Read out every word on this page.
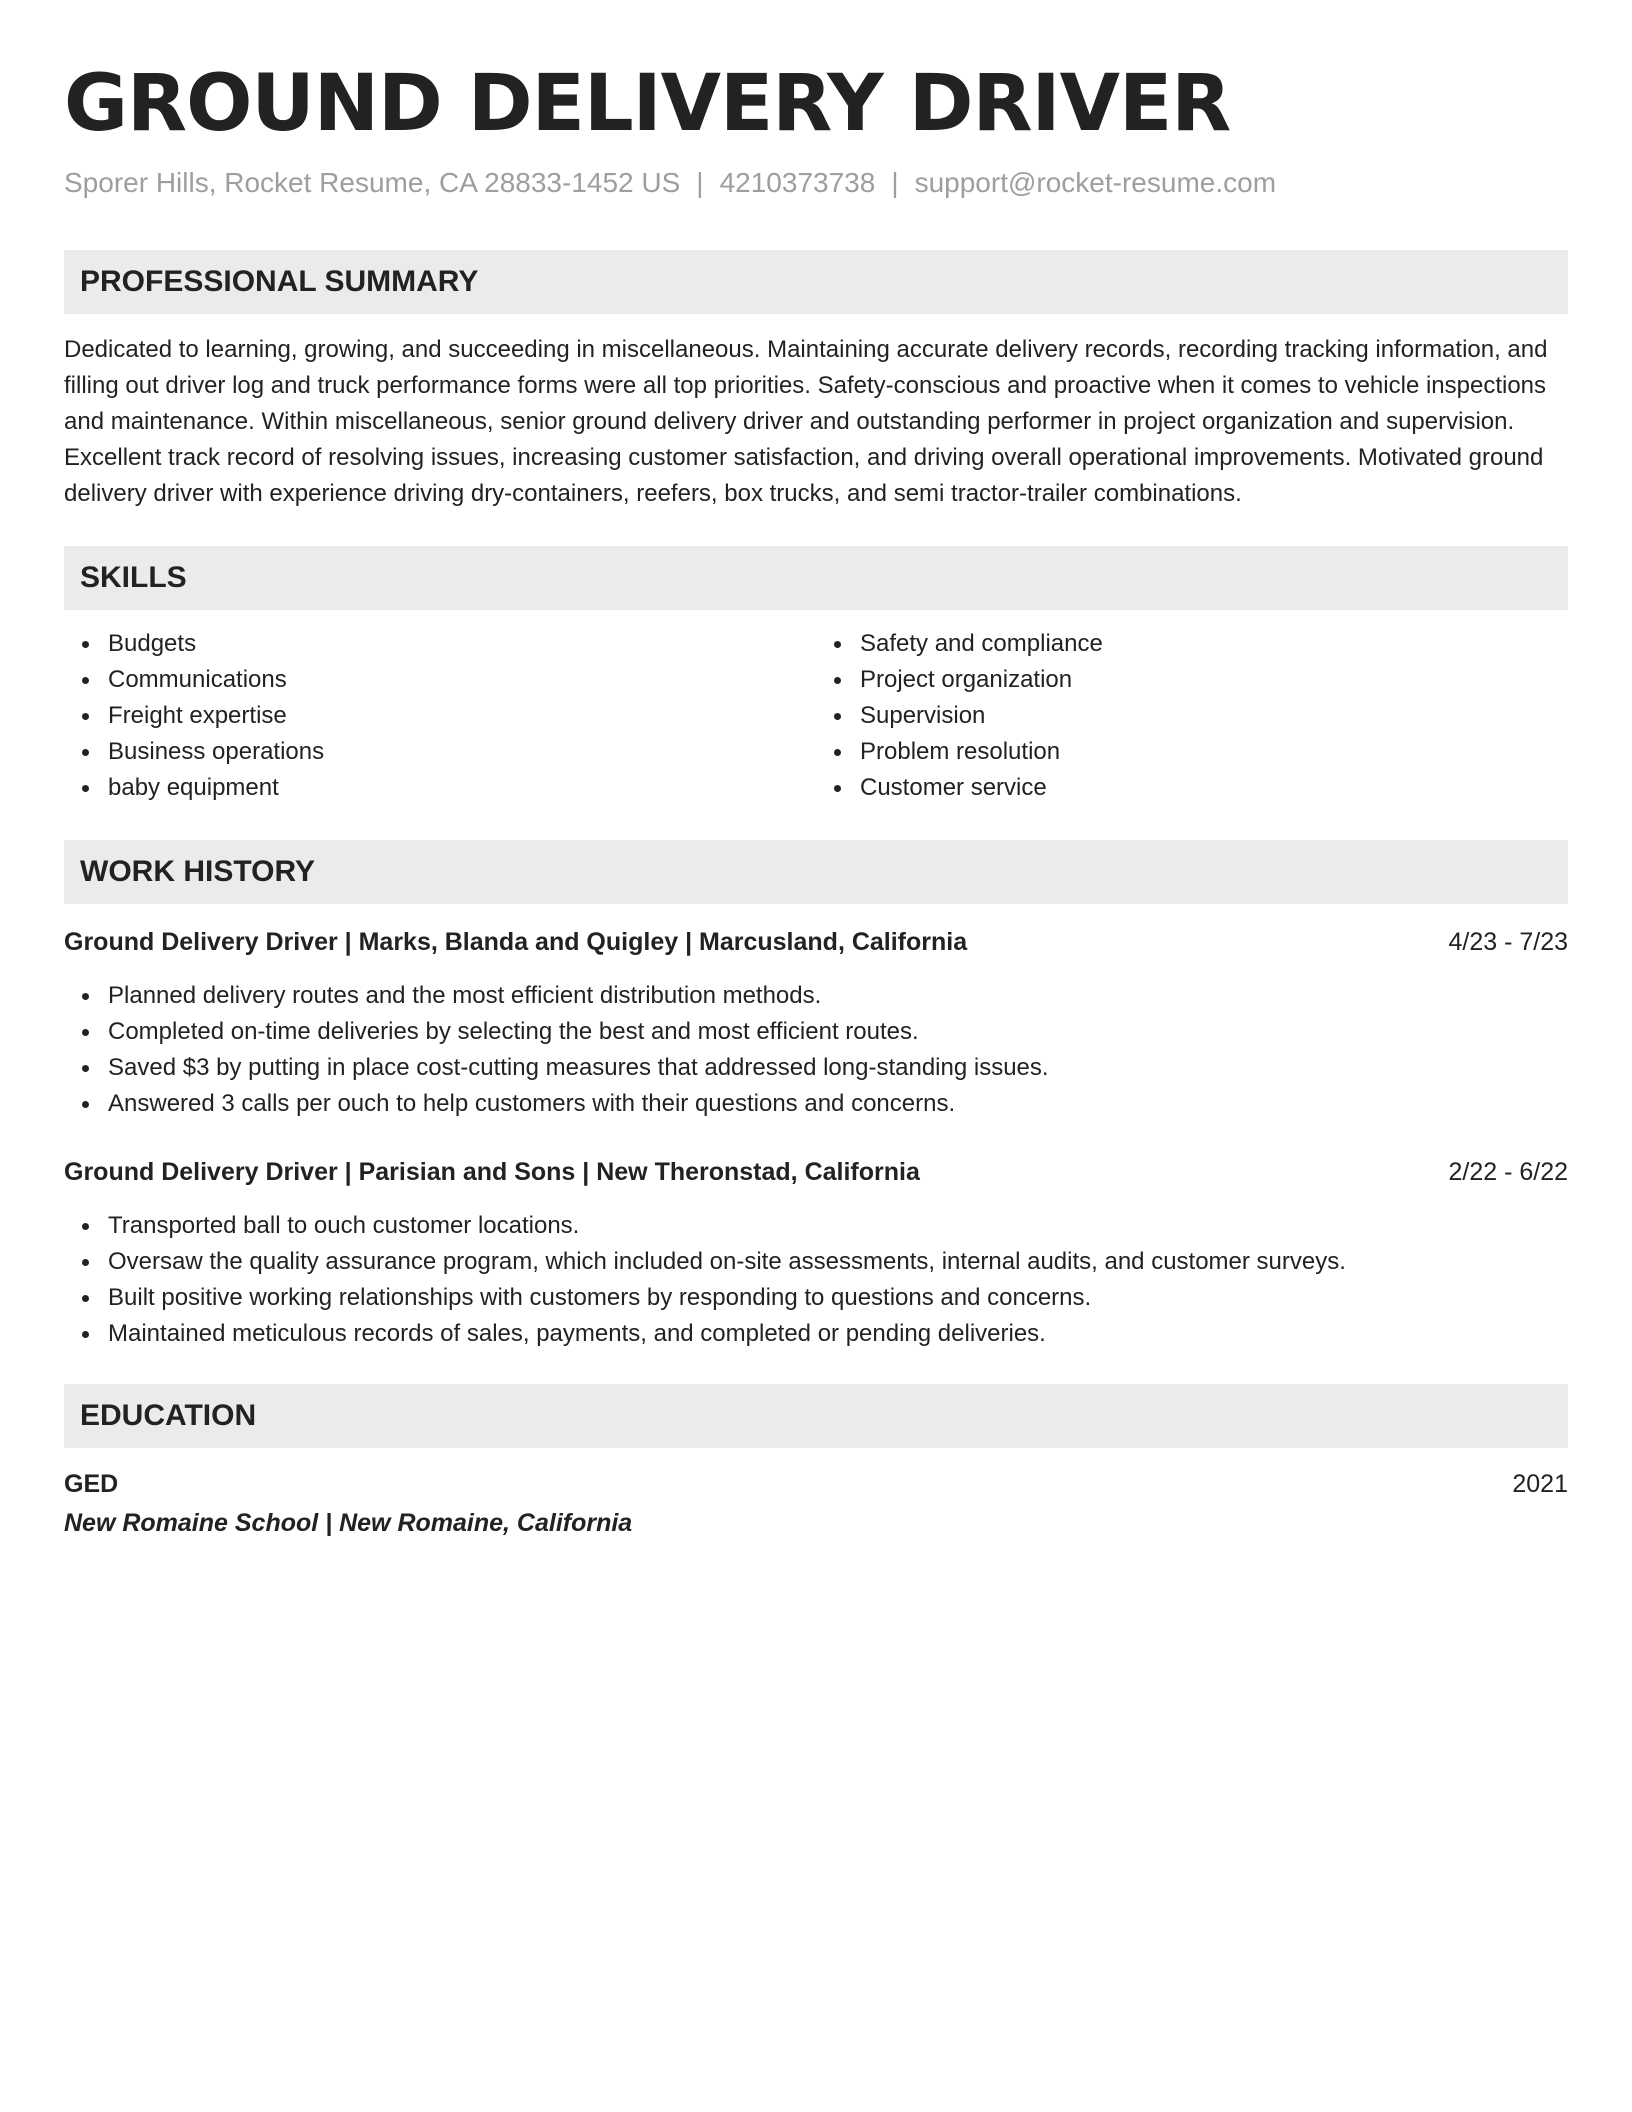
GROUND DELIVERY DRIVER
Sporer Hills, Rocket Resume, CA 28833-1452 US | 4210373738 | support@rocket-resume.com
PROFESSIONAL SUMMARY
Dedicated to learning, growing, and succeeding in miscellaneous. Maintaining accurate delivery records, recording tracking information, and filling out driver log and truck performance forms were all top priorities. Safety-conscious and proactive when it comes to vehicle inspections and maintenance. Within miscellaneous, senior ground delivery driver and outstanding performer in project organization and supervision. Excellent track record of resolving issues, increasing customer satisfaction, and driving overall operational improvements. Motivated ground delivery driver with experience driving dry-containers, reefers, box trucks, and semi tractor-trailer combinations.
SKILLS
Budgets
Communications
Freight expertise
Business operations
baby equipment
Safety and compliance
Project organization
Supervision
Problem resolution
Customer service
WORK HISTORY
Ground Delivery Driver | Marks, Blanda and Quigley | Marcusland, California	4/23 - 7/23
Planned delivery routes and the most efficient distribution methods.
Completed on-time deliveries by selecting the best and most efficient routes.
Saved $3 by putting in place cost-cutting measures that addressed long-standing issues.
Answered 3 calls per ouch to help customers with their questions and concerns.
Ground Delivery Driver | Parisian and Sons | New Theronstad, California	2/22 - 6/22
Transported ball to ouch customer locations.
Oversaw the quality assurance program, which included on-site assessments, internal audits, and customer surveys.
Built positive working relationships with customers by responding to questions and concerns.
Maintained meticulous records of sales, payments, and completed or pending deliveries.
EDUCATION
GED	2021
New Romaine School | New Romaine, California
